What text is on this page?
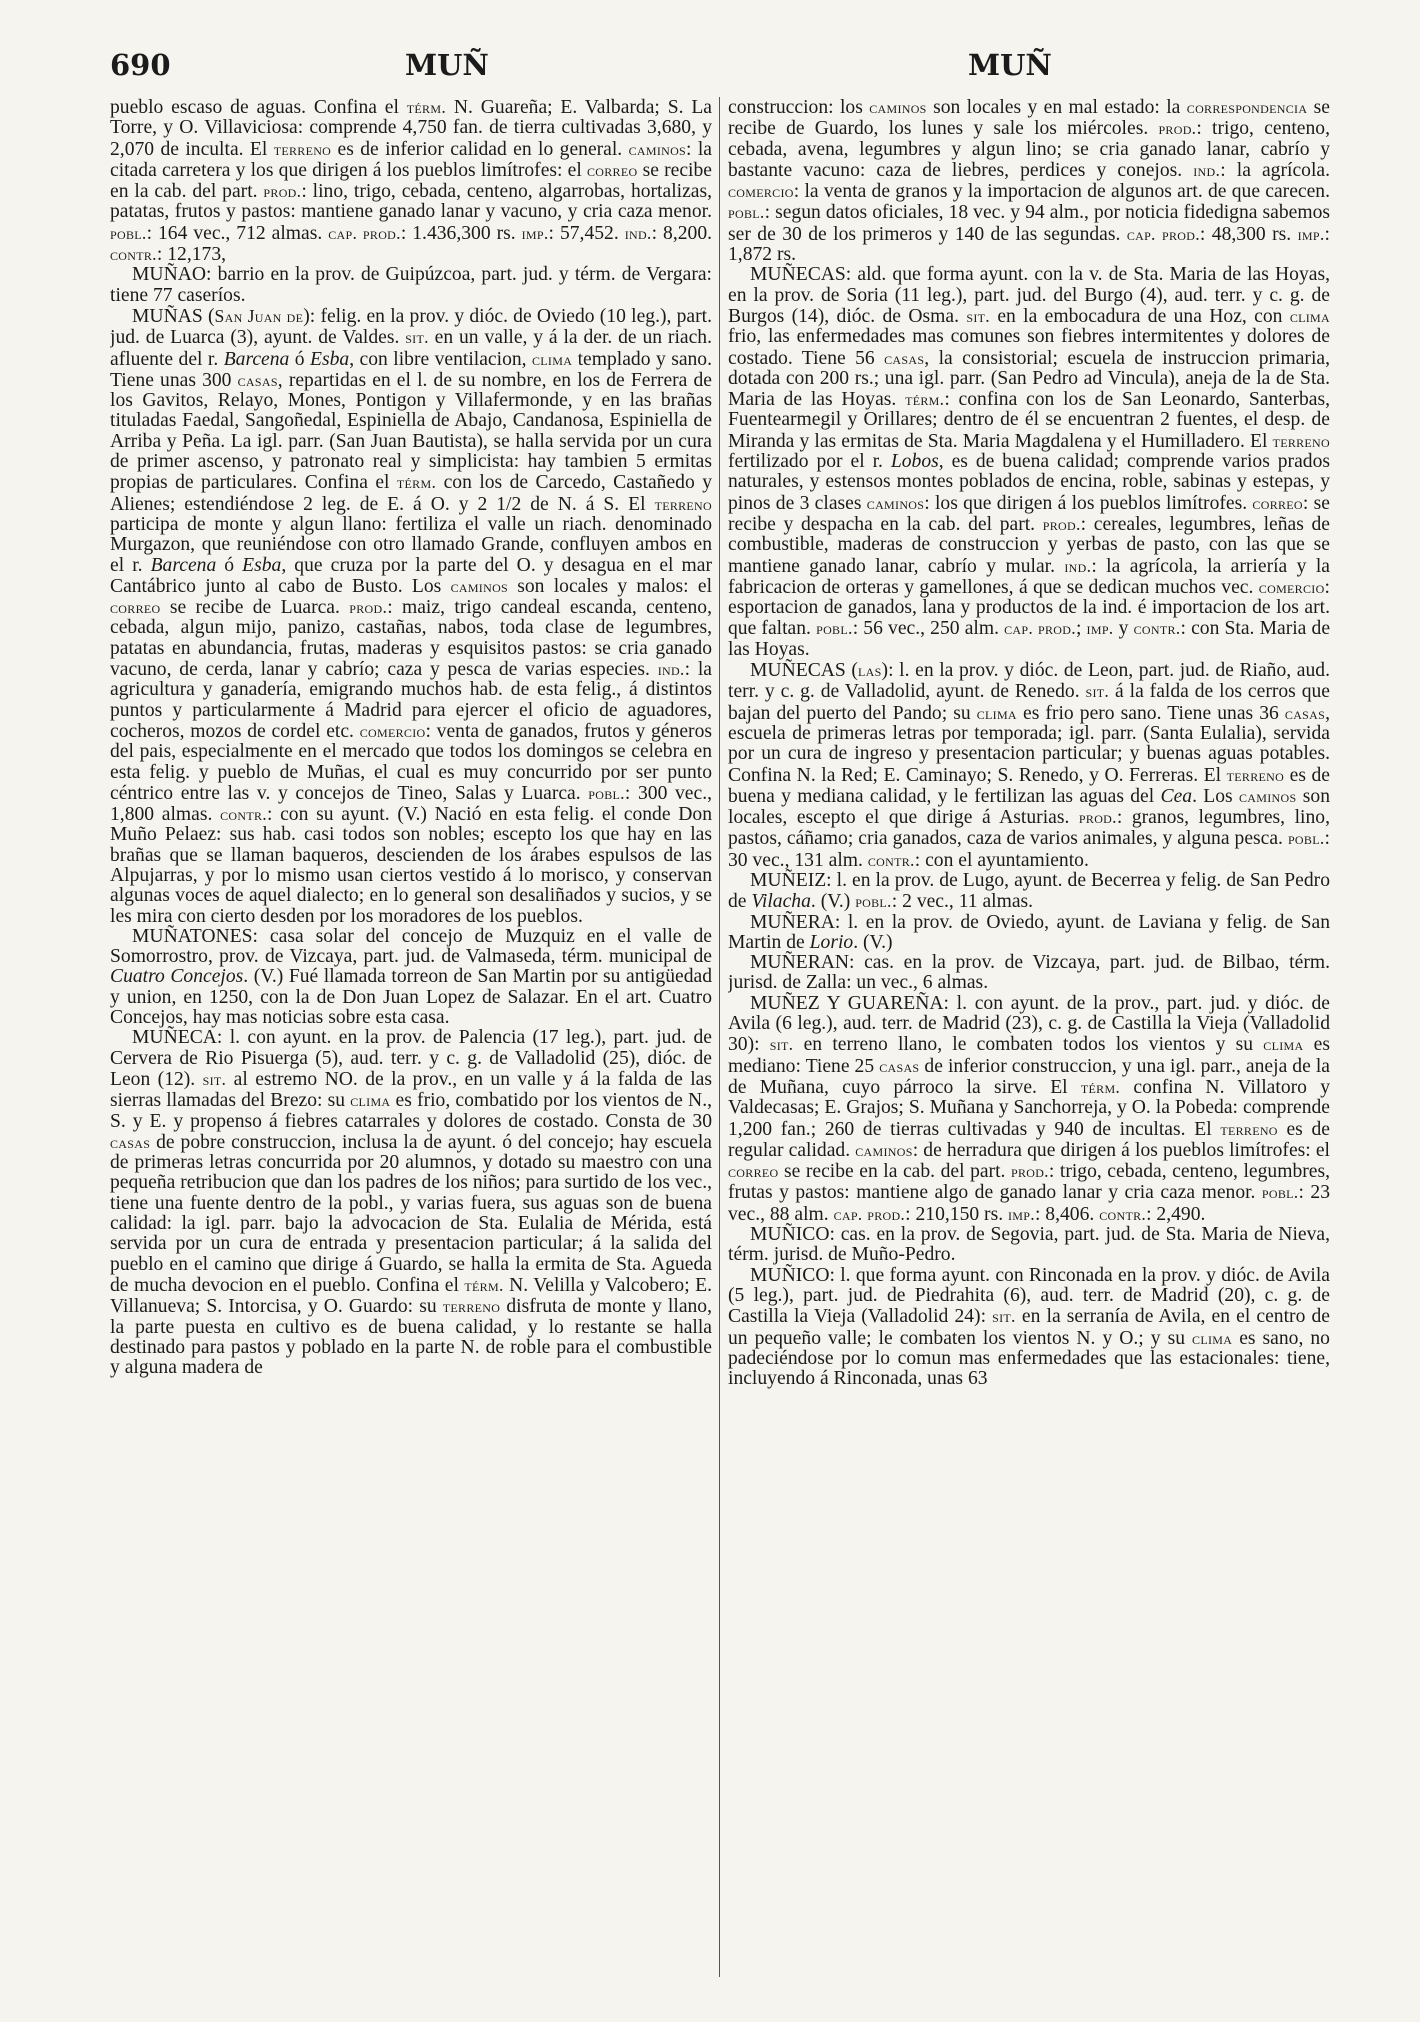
690	MUÑ	MUÑ

pueblo escaso de aguas. Confina el térm. N. Guareña; E. Valbarda; S. La Torre, y O. Villaviciosa: comprende 4,750 fan. de tierra cultivadas 3,680, y 2,070 de inculta. El terreno es de inferior calidad en lo general. caminos: la citada carretera y los que dirigen á los pueblos limítrofes: el correo se recibe en la cab. del part. prod.: lino, trigo, cebada, centeno, algarrobas, hortalizas, patatas, frutos y pastos: mantiene ganado lanar y vacuno, y cria caza menor. pobl.: 164 vec., 712 almas. cap. prod.: 1.436,300 rs. imp.: 57,452. ind.: 8,200. contr.: 12,173,

MUÑAO: barrio en la prov. de Guipúzcoa, part. jud. y térm. de Vergara: tiene 77 caseríos.

MUÑAS (San Juan de): felig. en la prov. y dióc. de Oviedo (10 leg.), part. jud. de Luarca (3), ayunt. de Valdes. sit. en un valle, y á la der. de un riach. afluente del r. Barcena ó Esba, con libre ventilacion, clima templado y sano. Tiene unas 300 casas, repartidas en el l. de su nombre, en los de Ferrera de los Gavitos, Relayo, Mones, Pontigon y Villafermonde, y en las brañas tituladas Faedal, Sangoñedal, Espiniella de Abajo, Candanosa, Espiniella de Arriba y Peña. La igl. parr. (San Juan Bautista), se halla servida por un cura de primer ascenso, y patronato real y simplicista: hay tambien 5 ermitas propias de particulares. Confina el térm. con los de Carcedo, Castañedo y Alienes; estendiéndose 2 leg. de E. á O. y 2 1/2 de N. á S. El terreno participa de monte y algun llano: fertiliza el valle un riach. denominado Murgazon, que reuniéndose con otro llamado Grande, confluyen ambos en el r. Barcena ó Esba, que cruza por la parte del O. y desagua en el mar Cantábrico junto al cabo de Busto. Los caminos son locales y malos: el correo se recibe de Luarca. prod.: maiz, trigo candeal escanda, centeno, cebada, algun mijo, panizo, castañas, nabos, toda clase de legumbres, patatas en abundancia, frutas, maderas y esquisitos pastos: se cria ganado vacuno, de cerda, lanar y cabrío; caza y pesca de varias especies. ind.: la agricultura y ganadería, emigrando muchos hab. de esta felig., á distintos puntos y particularmente á Madrid para ejercer el oficio de aguadores, cocheros, mozos de cordel etc. comercio: venta de ganados, frutos y géneros del pais, especialmente en el mercado que todos los domingos se celebra en esta felig. y pueblo de Muñas, el cual es muy concurrido por ser punto céntrico entre las v. y concejos de Tineo, Salas y Luarca. pobl.: 300 vec., 1,800 almas. contr.: con su ayunt. (V.) Nació en esta felig. el conde Don Muño Pelaez: sus hab. casi todos son nobles; escepto los que hay en las brañas que se llaman baqueros, descienden de los árabes espulsos de las Alpujarras, y por lo mismo usan ciertos vestido á lo morisco, y conservan algunas voces de aquel dialecto; en lo general son desaliñados y sucios, y se les mira con cierto desden por los moradores de los pueblos.

MUÑATONES: casa solar del concejo de Muzquiz en el valle de Somorrostro, prov. de Vizcaya, part. jud. de Valmaseda, térm. municipal de Cuatro Concejos. (V.) Fué llamada torreon de San Martin por su antigüedad y union, en 1250, con la de Don Juan Lopez de Salazar. En el art. Cuatro Concejos, hay mas noticias sobre esta casa.

MUÑECA: l. con ayunt. en la prov. de Palencia (17 leg.), part. jud. de Cervera de Rio Pisuerga (5), aud. terr. y c. g. de Valladolid (25), dióc. de Leon (12). sit. al estremo NO. de la prov., en un valle y á la falda de las sierras llamadas del Brezo: su clima es frio, combatido por los vientos de N., S. y E. y propenso á fiebres catarrales y dolores de costado. Consta de 30 casas de pobre construccion, inclusa la de ayunt. ó del concejo; hay escuela de primeras letras concurrida por 20 alumnos, y dotado su maestro con una pequeña retribucion que dan los padres de los niños; para surtido de los vec., tiene una fuente dentro de la pobl., y varias fuera, sus aguas son de buena calidad: la igl. parr. bajo la advocacion de Sta. Eulalia de Mérida, está servida por un cura de entrada y presentacion particular; á la salida del pueblo en el camino que dirige á Guardo, se halla la ermita de Sta. Agueda de mucha devocion en el pueblo. Confina el térm. N. Velilla y Valcobero; E. Villanueva; S. Intorcisa, y O. Guardo: su terreno disfruta de monte y llano, la parte puesta en cultivo es de buena calidad, y lo restante se halla destinado para pastos y poblado en la parte N. de roble para el combustible y alguna madera de

construccion: los caminos son locales y en mal estado: la correspondencia se recibe de Guardo, los lunes y sale los miércoles. prod.: trigo, centeno, cebada, avena, legumbres y algun lino; se cria ganado lanar, cabrío y bastante vacuno: caza de liebres, perdices y conejos. ind.: la agrícola. comercio: la venta de granos y la importacion de algunos art. de que carecen. pobl.: segun datos oficiales, 18 vec. y 94 alm., por noticia fidedigna sabemos ser de 30 de los primeros y 140 de las segundas. cap. prod.: 48,300 rs. imp.: 1,872 rs.

MUÑECAS: ald. que forma ayunt. con la v. de Sta. Maria de las Hoyas, en la prov. de Soria (11 leg.), part. jud. del Burgo (4), aud. terr. y c. g. de Burgos (14), dióc. de Osma. sit. en la embocadura de una Hoz, con clima frio, las enfermedades mas comunes son fiebres intermitentes y dolores de costado. Tiene 56 casas, la consistorial; escuela de instruccion primaria, dotada con 200 rs.; una igl. parr. (San Pedro ad Vincula), aneja de la de Sta. Maria de las Hoyas. térm.: confina con los de San Leonardo, Santerbas, Fuentearmegil y Orillares; dentro de él se encuentran 2 fuentes, el desp. de Miranda y las ermitas de Sta. Maria Magdalena y el Humilladero. El terreno fertilizado por el r. Lobos, es de buena calidad; comprende varios prados naturales, y estensos montes poblados de encina, roble, sabinas y estepas, y pinos de 3 clases caminos: los que dirigen á los pueblos limítrofes. correo: se recibe y despacha en la cab. del part. prod.: cereales, legumbres, leñas de combustible, maderas de construccion y yerbas de pasto, con las que se mantiene ganado lanar, cabrío y mular. ind.: la agrícola, la arriería y la fabricacion de orteras y gamellones, á que se dedican muchos vec. comercio: esportacion de ganados, lana y productos de la ind. é importacion de los art. que faltan. pobl.: 56 vec., 250 alm. cap. prod.; imp. y contr.: con Sta. Maria de las Hoyas.

MUÑECAS (las): l. en la prov. y dióc. de Leon, part. jud. de Riaño, aud. terr. y c. g. de Valladolid, ayunt. de Renedo. sit. á la falda de los cerros que bajan del puerto del Pando; su clima es frio pero sano. Tiene unas 36 casas, escuela de primeras letras por temporada; igl. parr. (Santa Eulalia), servida por un cura de ingreso y presentacion particular; y buenas aguas potables. Confina N. la Red; E. Caminayo; S. Renedo, y O. Ferreras. El terreno es de buena y mediana calidad, y le fertilizan las aguas del Cea. Los caminos son locales, escepto el que dirige á Asturias. prod.: granos, legumbres, lino, pastos, cáñamo; cria ganados, caza de varios animales, y alguna pesca. pobl.: 30 vec., 131 alm. contr.: con el ayuntamiento.

MUÑEIZ: l. en la prov. de Lugo, ayunt. de Becerrea y felig. de San Pedro de Vilacha. (V.) pobl.: 2 vec., 11 almas.

MUÑERA: l. en la prov. de Oviedo, ayunt. de Laviana y felig. de San Martin de Lorio. (V.)

MUÑERAN: cas. en la prov. de Vizcaya, part. jud. de Bilbao, térm. jurisd. de Zalla: un vec., 6 almas.

MUÑEZ Y GUAREÑA: l. con ayunt. de la prov., part. jud. y dióc. de Avila (6 leg.), aud. terr. de Madrid (23), c. g. de Castilla la Vieja (Valladolid 30): sit. en terreno llano, le combaten todos los vientos y su clima es mediano: Tiene 25 casas de inferior construccion, y una igl. parr., aneja de la de Muñana, cuyo párroco la sirve. El térm. confina N. Villatoro y Valdecasas; E. Grajos; S. Muñana y Sanchorreja, y O. la Pobeda: comprende 1,200 fan.; 260 de tierras cultivadas y 940 de incultas. El terreno es de regular calidad. caminos: de herradura que dirigen á los pueblos limítrofes: el correo se recibe en la cab. del part. prod.: trigo, cebada, centeno, legumbres, frutas y pastos: mantiene algo de ganado lanar y cria caza menor. pobl.: 23 vec., 88 alm. cap. prod.: 210,150 rs. imp.: 8,406. contr.: 2,490.

MUÑICO: cas. en la prov. de Segovia, part. jud. de Sta. Maria de Nieva, térm. jurisd. de Muño-Pedro.

MUÑICO: l. que forma ayunt. con Rinconada en la prov. y dióc. de Avila (5 leg.), part. jud. de Piedrahita (6), aud. terr. de Madrid (20), c. g. de Castilla la Vieja (Valladolid 24): sit. en la serranía de Avila, en el centro de un pequeño valle; le combaten los vientos N. y O.; y su clima es sano, no padeciéndose por lo comun mas enfermedades que las estacionales: tiene, incluyendo á Rinconada, unas 63
